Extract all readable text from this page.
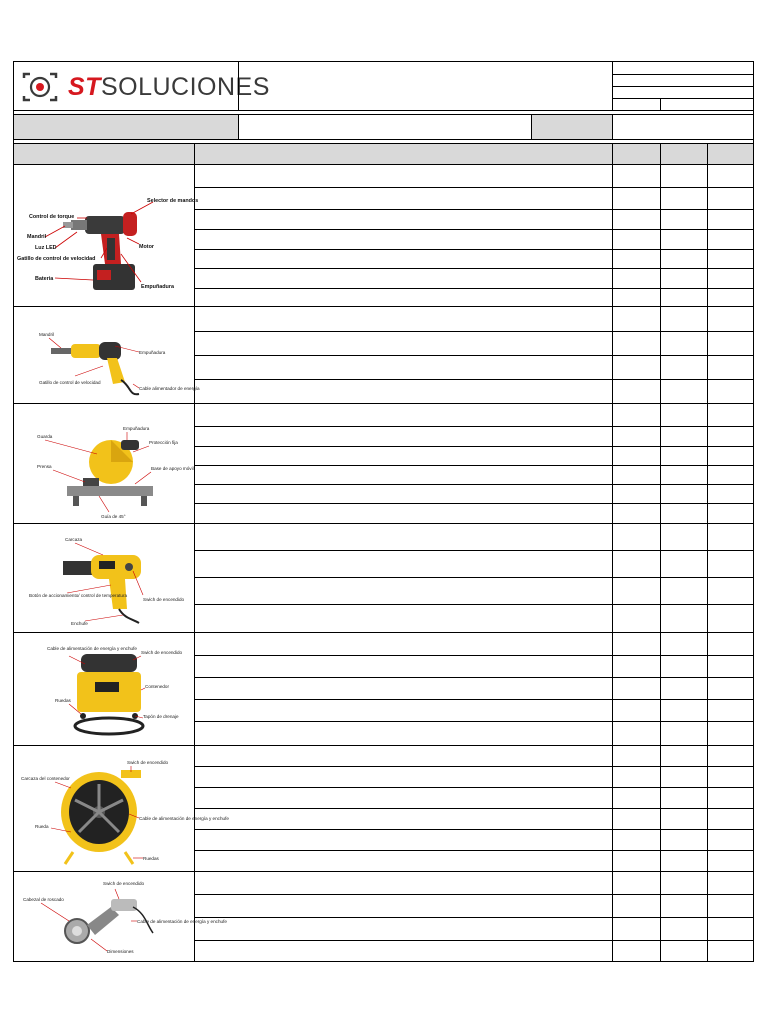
STSOLUCIONES
Selector de mandos
Control de torque
Mandril
Luz LED
Gatillo de control de velocidad
Motor
Bateria
Empuñadura
Mandril
Empuñadura
Gatillo de control de velocidad
Cable alimentador de energía
Guarda
Empuñadura
Protección fija
Prensa	Base de apoyo móvil
Guía de 45°
Carcaza
Botón de accionamiento/ control de temperatura
Swich de encendido
Enchufe
Cable de alimentación de energía y enchufe
Swich de encendido
Contenedor
Ruedas
Tapón de drenaje
Swich de encendido
Carcaza del contenedor
Rueda
Cable de alimentación de energía y enchufe
Ruedas
Swich de encendido
Cabezal de roscado
Cable de alimentación de energía y enchufe
Dimensiones
